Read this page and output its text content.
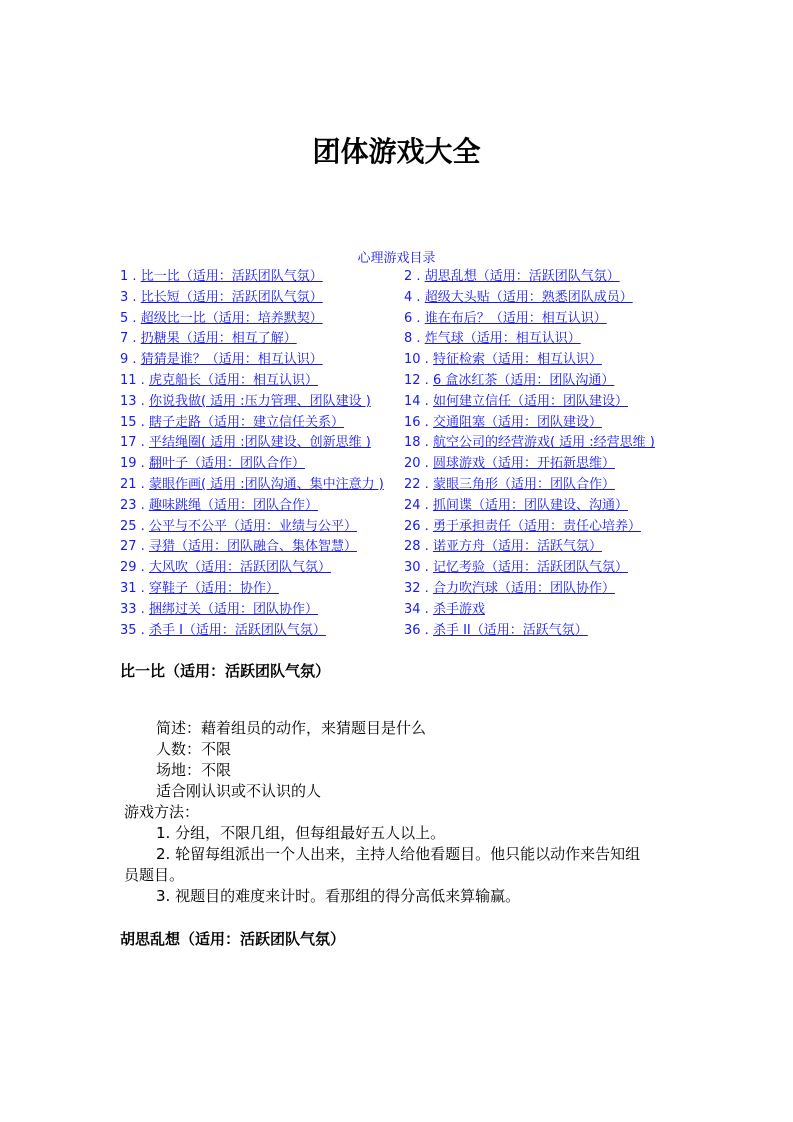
团体游戏大全
心理游戏目录
1 . 比一比（适用：活跃团队气氛）	2 . 胡思乱想（适用：活跃团队气氛）
3 . 比长短（适用：活跃团队气氛）	4 . 超级大头贴（适用：熟悉团队成员）
5 . 超级比一比（适用：培养默契）	6 . 谁在布后？（适用：相互认识）
7 . 扔糖果（适用：相互了解）	8 . 炸气球（适用：相互认识）
9 . 猜猜是谁？（适用：相互认识）	10 . 特征检索（适用：相互认识）
11 . 虎克船长（适用：相互认识）	12 . 6 盒冰红茶（适用：团队沟通）
13 . 你说我做( 适用 :压力管理、团队建设 )	14 . 如何建立信任（适用：团队建设）
15 . 瞎子走路（适用：建立信任关系）	16 . 交通阻塞（适用：团队建设）
17 . 平结绳圈( 适用 :团队建设、创新思维 )	18 . 航空公司的经营游戏( 适用 :经营思维 )
19 . 翻叶子（适用：团队合作）	20 . 圆球游戏（适用：开拓新思维）
21 . 蒙眼作画( 适用 :团队沟通、集中注意力 )	22 . 蒙眼三角形（适用：团队合作）
23 . 趣味跳绳（适用：团队合作）	24 . 抓间谍（适用：团队建设、沟通）
25 . 公平与不公平（适用：业绩与公平）	26 . 勇于承担责任（适用：责任心培养）
27 . 寻猎（适用：团队融合、集体智慧）	28 . 诺亚方舟（适用：活跃气氛）
29 . 大风吹（适用：活跃团队气氛）	30 . 记忆考验（适用：活跃团队气氛）
31 . 穿鞋子（适用：协作）	32 . 合力吹汽球（适用：团队协作）
33 . 捆绑过关（适用：团队协作）	34 . 杀手游戏
35 . 杀手 I（适用：活跃团队气氛）	36 . 杀手 II（适用：活跃气氛）
比一比（适用：活跃团队气氛）
简述：藉着组员的动作，来猜题目是什么
人数：不限
场地：不限
适合刚认识或不认识的人
游戏方法：
1. 分组，不限几组，但每组最好五人以上。
2. 轮留每组派出一个人出来，主持人给他看题目。他只能以动作来告知组
员题目。
3. 视题目的难度来计时。看那组的得分高低来算输赢。
胡思乱想（适用：活跃团队气氛）
